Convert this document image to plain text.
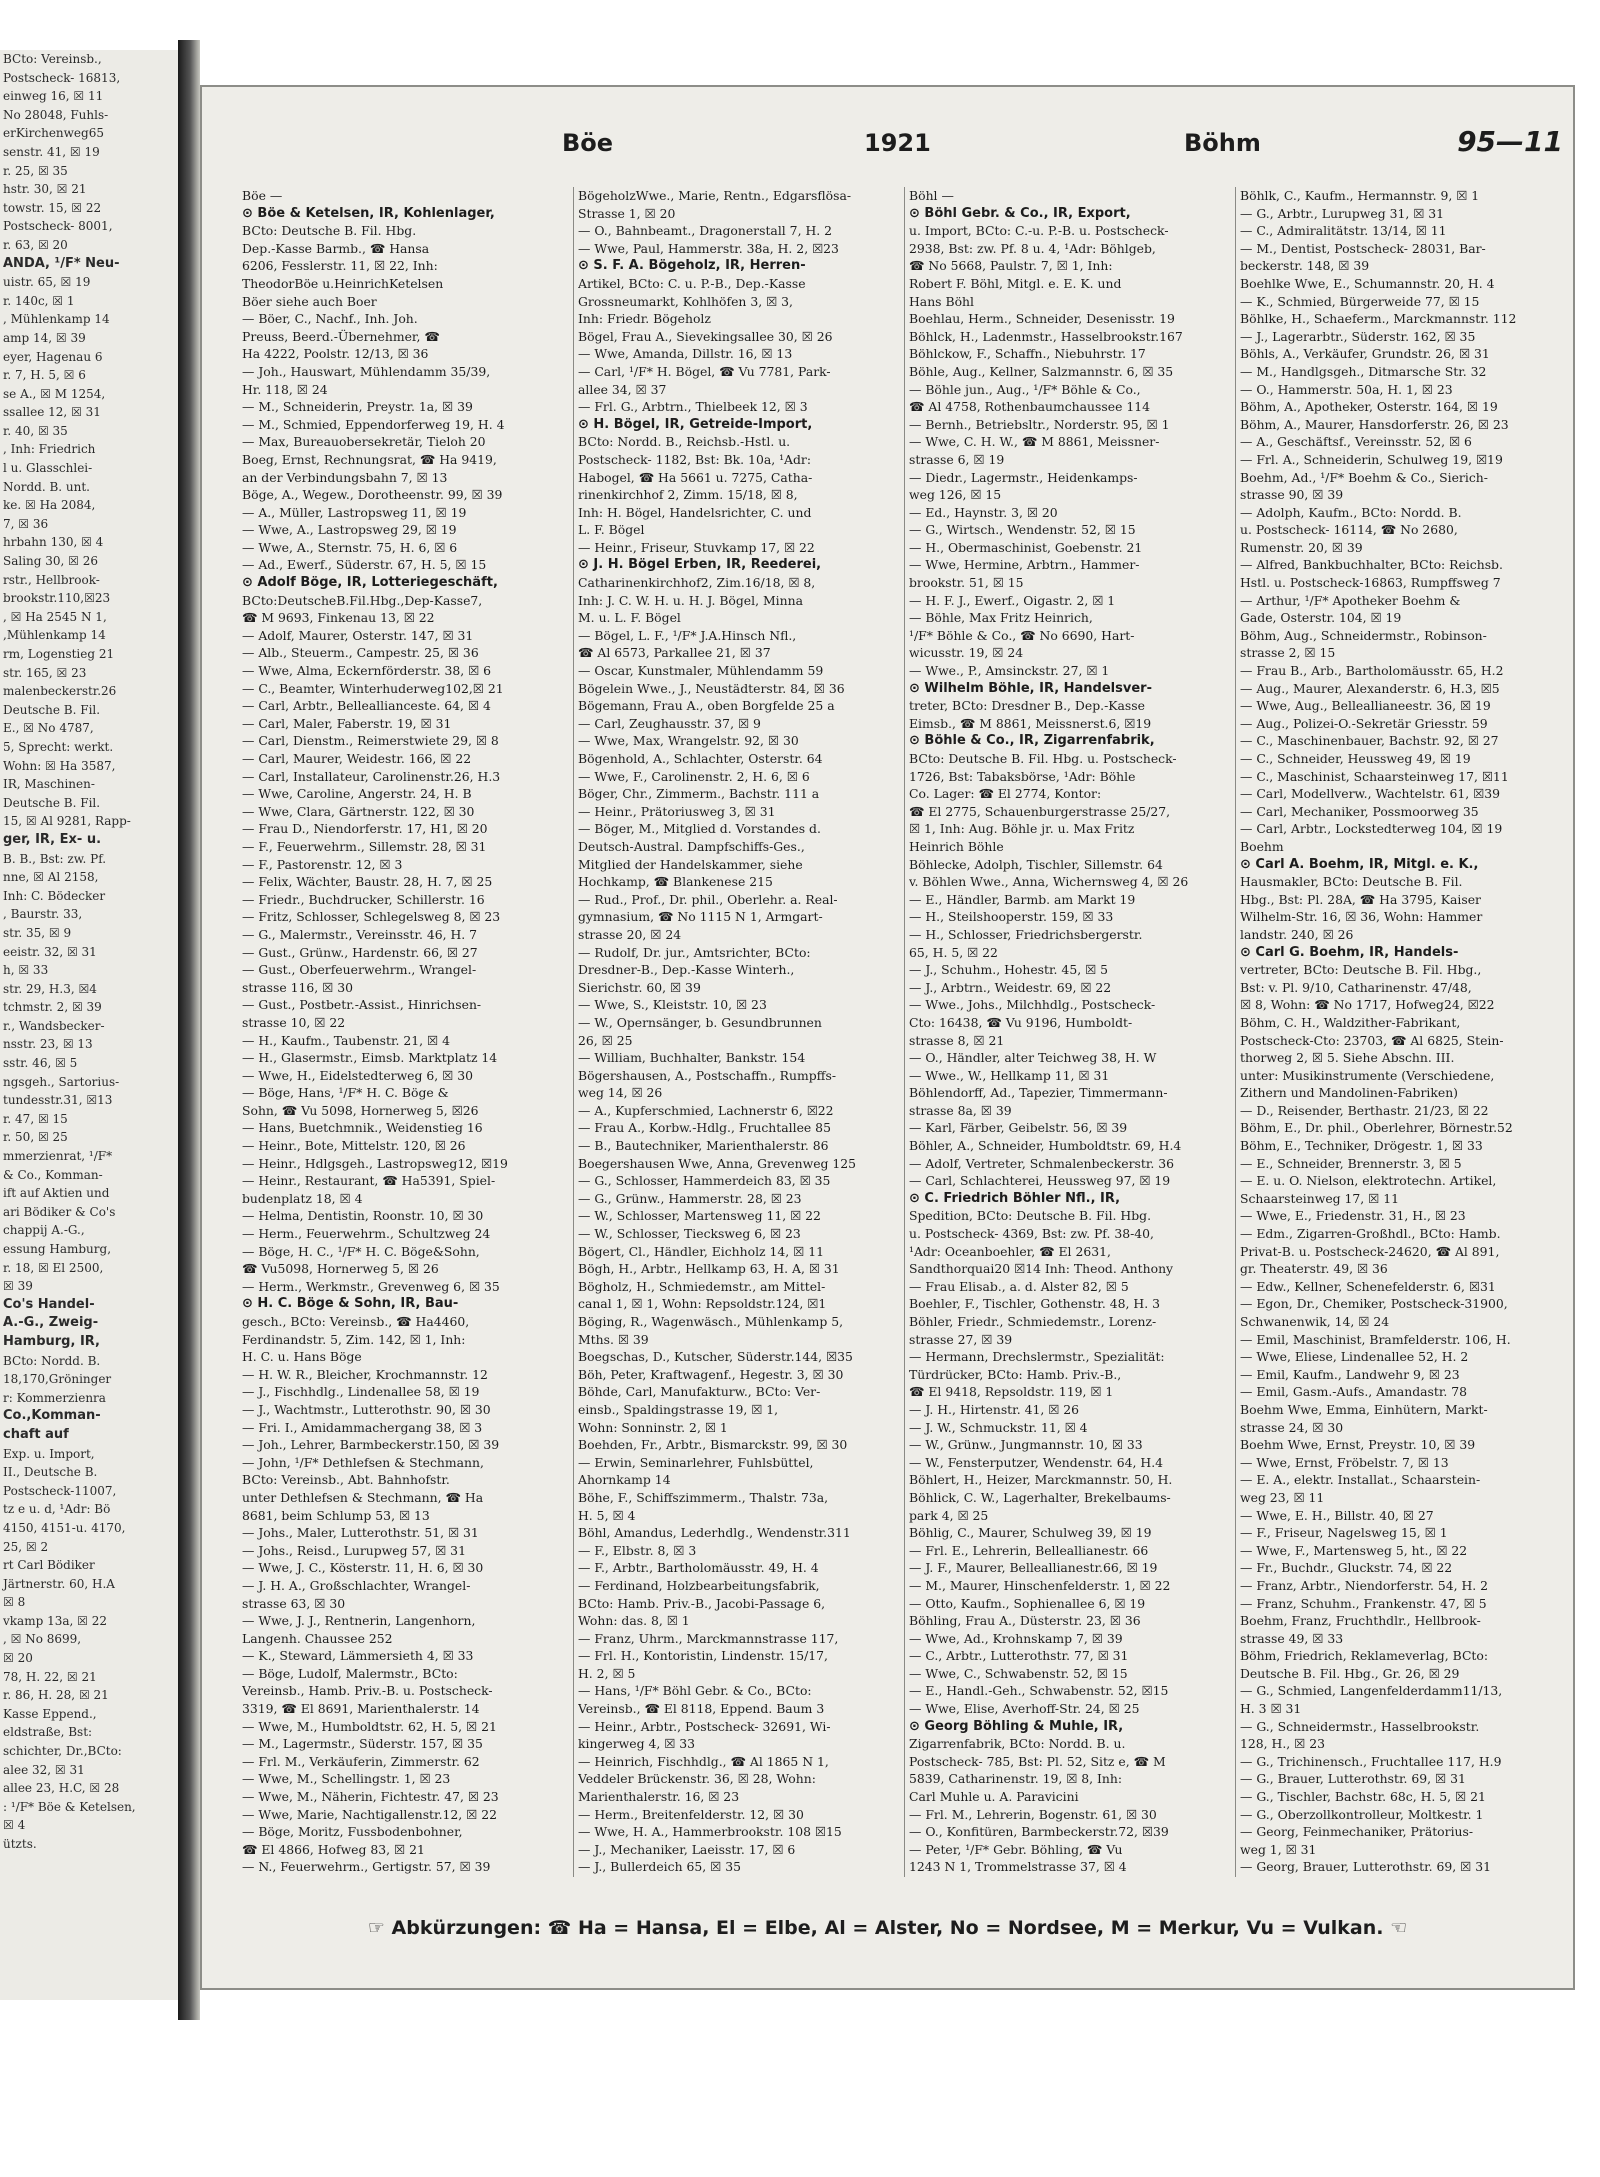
BCto: Vereinsb.,
Postscheck- 16813,
einweg 16, ☒ 11
No 28048, Fuhls-
erKirchenweg65
senstr. 41, ☒ 19
r. 25, ☒ 35
hstr. 30, ☒ 21
towstr. 15, ☒ 22
Postscheck- 8001,
r. 63, ☒ 20
ANDA, ¹/F* Neu-
uistr. 65, ☒ 19
r. 140c, ☒ 1
, Mühlenkamp 14
amp 14, ☒ 39
eyer, Hagenau 6
r. 7, H. 5, ☒ 6
se A., ☒ M 1254,
ssallee 12, ☒ 31
r. 40, ☒ 35
, Inh: Friedrich
l u. Glasschlei-
Nordd. B. unt.
ke. ☒ Ha 2084,
7, ☒ 36
hrbahn 130, ☒ 4
Saling 30, ☒ 26
rstr., Hellbrook-
brookstr.110,☒23
, ☒ Ha 2545 N 1,
,Mühlenkamp 14
rm, Logenstieg 21
str. 165, ☒ 23
malenbeckerstr.26
Deutsche B. Fil.
E., ☒ No 4787,
5, Sprecht: werkt.
Wohn: ☒ Ha 3587,
IR, Maschinen-
Deutsche B. Fil.
15, ☒ Al 9281, Rapp-
ger, IR, Ex- u.
B. B., Bst: zw. Pf.
nne, ☒ Al 2158,
Inh: C. Bödecker
, Baurstr. 33,
str. 35, ☒ 9
eeistr. 32, ☒ 31
h, ☒ 33
str. 29, H.3, ☒4
tchmstr. 2, ☒ 39
r., Wandsbecker-
nsstr. 23, ☒ 13
sstr. 46, ☒ 5
ngsgeh., Sartorius-
tundesstr.31, ☒13
r. 47, ☒ 15
r. 50, ☒ 25
mmerzienrat, ¹/F*
& Co., Komman-
ift auf Aktien und
ari Bödiker & Co's
chappij A.-G.,
essung Hamburg,
r. 18, ☒ El 2500,
☒ 39
Co's Handel-
A.-G., Zweig-
Hamburg, IR,
BCto: Nordd. B.
18,170,Gröninger
r: Kommerzienra
Co.,Komman-
chaft auf
Exp. u. Import,
II., Deutsche B.
Postscheck-11007,
tz e u. d, ¹Adr: Bö
4150, 4151-u. 4170,
25, ☒ 2
rt Carl Bödiker
Järtnerstr. 60, H.A
☒ 8
vkamp 13a, ☒ 22
, ☒ No 8699,
☒ 20
78, H. 22, ☒ 21
r. 86, H. 28, ☒ 21
Kasse Eppend.,
eldstraße, Bst:
schichter, Dr.,BCto:
alee 32, ☒ 31
allee 23, H.C, ☒ 28
: ¹/F* Böe & Ketelsen,
☒ 4
ützts.
Böe	1921	Böhm	95—11
Böe —
⊙ Böe & Ketelsen, IR, Kohlenlager,
BCto: Deutsche B. Fil. Hbg.
Dep.-Kasse Barmb., ☎ Hansa
6206, Fesslerstr. 11, ☒ 22, Inh:
TheodorBöe u.HeinrichKetelsen
Böer siehe auch Boer
— Böer, C., Nachf., Inh. Joh.
Preuss, Beerd.-Übernehmer, ☎
Ha 4222, Poolstr. 12/13, ☒ 36
— Joh., Hauswart, Mühlendamm 35/39,
Hr. 118, ☒ 24
— M., Schneiderin, Preystr. 1a, ☒ 39
— M., Schmied, Eppendorferweg 19, H. 4
— Max, Bureauobersekretär, Tieloh 20
Boeg, Ernst, Rechnungsrat, ☎ Ha 9419,
an der Verbindungsbahn 7, ☒ 13
Böge, A., Wegew., Dorotheenstr. 99, ☒ 39
— A., Müller, Lastropsweg 11, ☒ 19
— Wwe, A., Lastropsweg 29, ☒ 19
— Wwe, A., Sternstr. 75, H. 6, ☒ 6
— Ad., Ewerf., Süderstr. 67, H. 5, ☒ 15
⊙ Adolf Böge, IR, Lotteriegeschäft,
BCto:DeutscheB.Fil.Hbg.,Dep-Kasse7,
☎ M 9693, Finkenau 13, ☒ 22
— Adolf, Maurer, Osterstr. 147, ☒ 31
— Alb., Steuerm., Campestr. 25, ☒ 36
— Wwe, Alma, Eckernförderstr. 38, ☒ 6
— C., Beamter, Winterhuderweg102,☒ 21
— Carl, Arbtr., Belleallianceste. 64, ☒ 4
— Carl, Maler, Faberstr. 19, ☒ 31
— Carl, Dienstm., Reimerstwiete 29, ☒ 8
— Carl, Maurer, Weidestr. 166, ☒ 22
— Carl, Installateur, Carolinenstr.26, H.3
— Wwe, Caroline, Angerstr. 24, H. B
— Wwe, Clara, Gärtnerstr. 122, ☒ 30
— Frau D., Niendorferstr. 17, H1, ☒ 20
— F., Feuerwehrm., Sillemstr. 28, ☒ 31
— F., Pastorenstr. 12, ☒ 3
— Felix, Wächter, Baustr. 28, H. 7, ☒ 25
— Friedr., Buchdrucker, Schillerstr. 16
— Fritz, Schlosser, Schlegelsweg 8, ☒ 23
— G., Malermstr., Vereinsstr. 46, H. 7
— Gust., Grünw., Hardenstr. 66, ☒ 27
— Gust., Oberfeuerwehrm., Wrangel-
strasse 116, ☒ 30
— Gust., Postbetr.-Assist., Hinrichsen-
strasse 10, ☒ 22
— H., Kaufm., Taubenstr. 21, ☒ 4
— H., Glasermstr., Eimsb. Marktplatz 14
— Wwe, H., Eidelstedterweg 6, ☒ 30
— Böge, Hans, ¹/F* H. C. Böge &
Sohn, ☎ Vu 5098, Hornerweg 5, ☒26
— Hans, Buetchmnik., Weidenstieg 16
— Heinr., Bote, Mittelstr. 120, ☒ 26
— Heinr., Hdlgsgeh., Lastropsweg12, ☒19
— Heinr., Restaurant, ☎ Ha5391, Spiel-
budenplatz 18, ☒ 4
— Helma, Dentistin, Roonstr. 10, ☒ 30
— Herm., Feuerwehrm., Schultzweg 24
— Böge, H. C., ¹/F* H. C. Böge&Sohn,
☎ Vu5098, Hornerweg 5, ☒ 26
— Herm., Werkmstr., Grevenweg 6, ☒ 35
⊙ H. C. Böge & Sohn, IR, Bau-
gesch., BCto: Vereinsb., ☎ Ha4460,
Ferdinandstr. 5, Zim. 142, ☒ 1, Inh:
H. C. u. Hans Böge
— H. W. R., Bleicher, Krochmannstr. 12
— J., Fischhdlg., Lindenallee 58, ☒ 19
— J., Wachtmstr., Lutterothstr. 90, ☒ 30
— Fri. I., Amidammachergang 38, ☒ 3
— Joh., Lehrer, Barmbeckerstr.150, ☒ 39
— John, ¹/F* Dethlefsen & Stechmann,
BCto: Vereinsb., Abt. Bahnhofstr.
unter Dethlefsen & Stechmann, ☎ Ha
8681, beim Schlump 53, ☒ 13
— Johs., Maler, Lutterothstr. 51, ☒ 31
— Johs., Reisd., Lurupweg 57, ☒ 31
— Wwe, J. C., Kösterstr. 11, H. 6, ☒ 30
— J. H. A., Großschlachter, Wrangel-
strasse 63, ☒ 30
— Wwe, J. J., Rentnerin, Langenhorn,
Langenh. Chaussee 252
— K., Steward, Lämmersieth 4, ☒ 33
— Böge, Ludolf, Malermstr., BCto:
Vereinsb., Hamb. Priv.-B. u. Postscheck-
3319, ☎ El 8691, Marienthalerstr. 14
— Wwe, M., Humboldtstr. 62, H. 5, ☒ 21
— M., Lagermstr., Süderstr. 157, ☒ 35
— Frl. M., Verkäuferin, Zimmerstr. 62
— Wwe, M., Schellingstr. 1, ☒ 23
— Wwe, M., Näherin, Fichtestr. 47, ☒ 23
— Wwe, Marie, Nachtigallenstr.12, ☒ 22
— Böge, Moritz, Fussbodenbohner,
☎ El 4866, Hofweg 83, ☒ 21
— N., Feuerwehrm., Gertigstr. 57, ☒ 39
BögeholzWwe., Marie, Rentn., Edgarsflösa-
Strasse 1, ☒ 20
— O., Bahnbeamt., Dragonerstall 7, H. 2
— Wwe, Paul, Hammerstr. 38a, H. 2, ☒23
⊙ S. F. A. Bögeholz, IR, Herren-
Artikel, BCto: C. u. P.-B., Dep.-Kasse
Grossneumarkt, Kohlhöfen 3, ☒ 3,
Inh: Friedr. Bögeholz
Bögel, Frau A., Sievekingsallee 30, ☒ 26
— Wwe, Amanda, Dillstr. 16, ☒ 13
— Carl, ¹/F* H. Bögel, ☎ Vu 7781, Park-
allee 34, ☒ 37
— Frl. G., Arbtrn., Thielbeek 12, ☒ 3
⊙ H. Bögel, IR, Getreide-Import,
BCto: Nordd. B., Reichsb.-Hstl. u.
Postscheck- 1182, Bst: Bk. 10a, ¹Adr:
Habogel, ☎ Ha 5661 u. 7275, Catha-
rinenkirchhof 2, Zimm. 15/18, ☒ 8,
Inh: H. Bögel, Handelsrichter, C. und
L. F. Bögel
— Heinr., Friseur, Stuvkamp 17, ☒ 22
⊙ J. H. Bögel Erben, IR, Reederei,
Catharinenkirchhof2, Zim.16/18, ☒ 8,
Inh: J. C. W. H. u. H. J. Bögel, Minna
M. u. L. F. Bögel
— Bögel, L. F., ¹/F* J.A.Hinsch Nfl.,
☎ Al 6573, Parkallee 21, ☒ 37
— Oscar, Kunstmaler, Mühlendamm 59
Bögelein Wwe., J., Neustädterstr. 84, ☒ 36
Bögemann, Frau A., oben Borgfelde 25 a
— Carl, Zeughausstr. 37, ☒ 9
— Wwe, Max, Wrangelstr. 92, ☒ 30
Bögenhold, A., Schlachter, Osterstr. 64
— Wwe, F., Carolinenstr. 2, H. 6, ☒ 6
Böger, Chr., Zimmerm., Bachstr. 111 a
— Heinr., Prätoriusweg 3, ☒ 31
— Böger, M., Mitglied d. Vorstandes d.
Deutsch-Austral. Dampfschiffs-Ges.,
Mitglied der Handelskammer, siehe
Hochkamp, ☎ Blankenese 215
— Rud., Prof., Dr. phil., Oberlehr. a. Real-
gymnasium, ☎ No 1115 N 1, Armgart-
strasse 20, ☒ 24
— Rudolf, Dr. jur., Amtsrichter, BCto:
Dresdner-B., Dep.-Kasse Winterh.,
Sierichstr. 60, ☒ 39
— Wwe, S., Kleiststr. 10, ☒ 23
— W., Opernsänger, b. Gesundbrunnen
26, ☒ 25
— William, Buchhalter, Bankstr. 154
Bögershausen, A., Postschaffn., Rumpffs-
weg 14, ☒ 26
— A., Kupferschmied, Lachnerstr 6, ☒22
— Frau A., Korbw.-Hdlg., Fruchtallee 85
— B., Bautechniker, Marienthalerstr. 86
Boegershausen Wwe, Anna, Grevenweg 125
— G., Schlosser, Hammerdeich 83, ☒ 35
— G., Grünw., Hammerstr. 28, ☒ 23
— W., Schlosser, Martensweg 11, ☒ 22
— W., Schlosser, Tiecksweg 6, ☒ 23
Bögert, Cl., Händler, Eichholz 14, ☒ 11
Bögh, H., Arbtr., Hellkamp 63, H. A, ☒ 31
Bögholz, H., Schmiedemstr., am Mittel-
canal 1, ☒ 1, Wohn: Repsoldstr.124, ☒1
Böging, R., Wagenwäsch., Mühlenkamp 5,
Mths. ☒ 39
Boegschas, D., Kutscher, Süderstr.144, ☒35
Böh, Peter, Kraftwagenf., Hegestr. 3, ☒ 30
Böhde, Carl, Manufakturw., BCto: Ver-
einsb., Spaldingstrasse 19, ☒ 1,
Wohn: Sonninstr. 2, ☒ 1
Boehden, Fr., Arbtr., Bismarckstr. 99, ☒ 30
— Erwin, Seminarlehrer, Fuhlsbüttel,
Ahornkamp 14
Böhe, F., Schiffszimmerm., Thalstr. 73a,
H. 5, ☒ 4
Böhl, Amandus, Lederhdlg., Wendenstr.311
— F., Elbstr. 8, ☒ 3
— F., Arbtr., Bartholomäusstr. 49, H. 4
— Ferdinand, Holzbearbeitungsfabrik,
BCto: Hamb. Priv.-B., Jacobi-Passage 6,
Wohn: das. 8, ☒ 1
— Franz, Uhrm., Marckmannstrasse 117,
— Frl. H., Kontoristin, Lindenstr. 15/17,
H. 2, ☒ 5
— Hans, ¹/F* Böhl Gebr. & Co., BCto:
Vereinsb., ☎ El 8118, Eppend. Baum 3
— Heinr., Arbtr., Postscheck- 32691, Wi-
kingerweg 4, ☒ 33
— Heinrich, Fischhdlg., ☎ Al 1865 N 1,
Veddeler Brückenstr. 36, ☒ 28, Wohn:
Marienthalerstr. 16, ☒ 23
— Herm., Breitenfelderstr. 12, ☒ 30
— Wwe, H. A., Hammerbrookstr. 108 ☒15
— J., Mechaniker, Laeisstr. 17, ☒ 6
— J., Bullerdeich 65, ☒ 35
Böhl —
⊙ Böhl Gebr. & Co., IR, Export,
u. Import, BCto: C.-u. P.-B. u. Postscheck-
2938, Bst: zw. Pf. 8 u. 4, ¹Adr: Böhlgeb,
☎ No 5668, Paulstr. 7, ☒ 1, Inh:
Robert F. Böhl, Mitgl. e. E. K. und
Hans Böhl
Boehlau, Herm., Schneider, Desenisstr. 19
Böhlck, H., Ladenmstr., Hasselbrookstr.167
Böhlckow, F., Schaffn., Niebuhrstr. 17
Böhle, Aug., Kellner, Salzmannstr. 6, ☒ 35
— Böhle jun., Aug., ¹/F* Böhle & Co.,
☎ Al 4758, Rothenbaumchaussee 114
— Bernh., Betriebsltr., Norderstr. 95, ☒ 1
— Wwe, C. H. W., ☎ M 8861, Meissner-
strasse 6, ☒ 19
— Diedr., Lagermstr., Heidenkamps-
weg 126, ☒ 15
— Ed., Haynstr. 3, ☒ 20
— G., Wirtsch., Wendenstr. 52, ☒ 15
— H., Obermaschinist, Goebenstr. 21
— Wwe, Hermine, Arbtrn., Hammer-
brookstr. 51, ☒ 15
— H. F. J., Ewerf., Oigastr. 2, ☒ 1
— Böhle, Max Fritz Heinrich,
¹/F* Böhle & Co., ☎ No 6690, Hart-
wicusstr. 19, ☒ 24
— Wwe., P., Amsinckstr. 27, ☒ 1
⊙ Wilhelm Böhle, IR, Handelsver-
treter, BCto: Dresdner B., Dep.-Kasse
Eimsb., ☎ M 8861, Meissnerst.6, ☒19
⊙ Böhle & Co., IR, Zigarrenfabrik,
BCto: Deutsche B. Fil. Hbg. u. Postscheck-
1726, Bst: Tabaksbörse, ¹Adr: Böhle
Co. Lager: ☎ El 2774, Kontor:
☎ El 2775, Schauenburgerstrasse 25/27,
☒ 1, Inh: Aug. Böhle jr. u. Max Fritz
Heinrich Böhle
Böhlecke, Adolph, Tischler, Sillemstr. 64
v. Böhlen Wwe., Anna, Wichernsweg 4, ☒ 26
— E., Händler, Barmb. am Markt 19
— H., Steilshooperstr. 159, ☒ 33
— H., Schlosser, Friedrichsbergerstr.
65, H. 5, ☒ 22
— J., Schuhm., Hohestr. 45, ☒ 5
— J., Arbtrn., Weidestr. 69, ☒ 22
— Wwe., Johs., Milchhdlg., Postscheck-
Cto: 16438, ☎ Vu 9196, Humboldt-
strasse 8, ☒ 21
— O., Händler, alter Teichweg 38, H. W
— Wwe., W., Hellkamp 11, ☒ 31
Böhlendorff, Ad., Tapezier, Timmermann-
strasse 8a, ☒ 39
— Karl, Färber, Geibelstr. 56, ☒ 39
Böhler, A., Schneider, Humboldtstr. 69, H.4
— Adolf, Vertreter, Schmalenbeckerstr. 36
— Carl, Schlachterei, Heussweg 97, ☒ 19
⊙ C. Friedrich Böhler Nfl., IR,
Spedition, BCto: Deutsche B. Fil. Hbg.
u. Postscheck- 4369, Bst: zw. Pf. 38-40,
¹Adr: Oceanboehler, ☎ El 2631,
Sandthorquai20 ☒14 Inh: Theod. Anthony
— Frau Elisab., a. d. Alster 82, ☒ 5
Boehler, F., Tischler, Gothenstr. 48, H. 3
Böhler, Friedr., Schmiedemstr., Lorenz-
strasse 27, ☒ 39
— Hermann, Drechslermstr., Spezialität:
Türdrücker, BCto: Hamb. Priv.-B.,
☎ El 9418, Repsoldstr. 119, ☒ 1
— J. H., Hirtenstr. 41, ☒ 26
— J. W., Schmuckstr. 11, ☒ 4
— W., Grünw., Jungmannstr. 10, ☒ 33
— W., Fensterputzer, Wendenstr. 64, H.4
Böhlert, H., Heizer, Marckmannstr. 50, H.
Böhlick, C. W., Lagerhalter, Brekelbaums-
park 4, ☒ 25
Böhlig, C., Maurer, Schulweg 39, ☒ 19
— Frl. E., Lehrerin, Belleallianestr. 66
— J. F., Maurer, Belleallianestr.66, ☒ 19
— M., Maurer, Hinschenfelderstr. 1, ☒ 22
— Otto, Kaufm., Sophienallee 6, ☒ 19
Böhling, Frau A., Düsterstr. 23, ☒ 36
— Wwe, Ad., Krohnskamp 7, ☒ 39
— C., Arbtr., Lutterothstr. 77, ☒ 31
— Wwe, C., Schwabenstr. 52, ☒ 15
— E., Handl.-Geh., Schwabenstr. 52, ☒15
— Wwe, Elise, Averhoff-Str. 24, ☒ 25
⊙ Georg Böhling & Muhle, IR,
Zigarrenfabrik, BCto: Nordd. B. u.
Postscheck- 785, Bst: Pl. 52, Sitz e, ☎ M
5839, Catharinenstr. 19, ☒ 8, Inh:
Carl Muhle u. A. Paravicini
— Frl. M., Lehrerin, Bogenstr. 61, ☒ 30
— O., Konfitüren, Barmbeckerstr.72, ☒39
— Peter, ¹/F* Gebr. Böhling, ☎ Vu
1243 N 1, Trommelstrasse 37, ☒ 4
Böhlk, C., Kaufm., Hermannstr. 9, ☒ 1
— G., Arbtr., Lurupweg 31, ☒ 31
— C., Admiralitätstr. 13/14, ☒ 11
— M., Dentist, Postscheck- 28031, Bar-
beckerstr. 148, ☒ 39
Boehlke Wwe, E., Schumannstr. 20, H. 4
— K., Schmied, Bürgerweide 77, ☒ 15
Böhlke, H., Schaeferm., Marckmannstr. 112
— J., Lagerarbtr., Süderstr. 162, ☒ 35
Böhls, A., Verkäufer, Grundstr. 26, ☒ 31
— M., Handlgsgeh., Ditmarsche Str. 32
— O., Hammerstr. 50a, H. 1, ☒ 23
Böhm, A., Apotheker, Osterstr. 164, ☒ 19
Böhm, A., Maurer, Hansdorferstr. 26, ☒ 23
— A., Geschäftsf., Vereinsstr. 52, ☒ 6
— Frl. A., Schneiderin, Schulweg 19, ☒19
Boehm, Ad., ¹/F* Boehm & Co., Sierich-
strasse 90, ☒ 39
— Adolph, Kaufm., BCto: Nordd. B.
u. Postscheck- 16114, ☎ No 2680,
Rumenstr. 20, ☒ 39
— Alfred, Bankbuchhalter, BCto: Reichsb.
Hstl. u. Postscheck-16863, Rumpffsweg 7
— Arthur, ¹/F* Apotheker Boehm &
Gade, Osterstr. 104, ☒ 19
Böhm, Aug., Schneidermstr., Robinson-
strasse 2, ☒ 15
— Frau B., Arb., Bartholomäusstr. 65, H.2
— Aug., Maurer, Alexanderstr. 6, H.3, ☒5
— Wwe, Aug., Belleallianeestr. 36, ☒ 19
— Aug., Polizei-O.-Sekretär Griesstr. 59
— C., Maschinenbauer, Bachstr. 92, ☒ 27
— C., Schneider, Heussweg 49, ☒ 19
— C., Maschinist, Schaarsteinweg 17, ☒11
— Carl, Modellverw., Wachtelstr. 61, ☒39
— Carl, Mechaniker, Possmoorweg 35
— Carl, Arbtr., Lockstedterweg 104, ☒ 19
Boehm
⊙ Carl A. Boehm, IR, Mitgl. e. K.,
Hausmakler, BCto: Deutsche B. Fil.
Hbg., Bst: Pl. 28A, ☎ Ha 3795, Kaiser
Wilhelm-Str. 16, ☒ 36, Wohn: Hammer
landstr. 240, ☒ 26
⊙ Carl G. Boehm, IR, Handels-
vertreter, BCto: Deutsche B. Fil. Hbg.,
Bst: v. Pl. 9/10, Catharinenstr. 47/48,
☒ 8, Wohn: ☎ No 1717, Hofweg24, ☒22
Böhm, C. H., Waldzither-Fabrikant,
Postscheck-Cto: 23703, ☎ Al 6825, Stein-
thorweg 2, ☒ 5. Siehe Abschn. III.
unter: Musikinstrumente (Verschiedene,
Zithern und Mandolinen-Fabriken)
— D., Reisender, Berthastr. 21/23, ☒ 22
Böhm, E., Dr. phil., Oberlehrer, Börnestr.52
Böhm, E., Techniker, Drögestr. 1, ☒ 33
— E., Schneider, Brennerstr. 3, ☒ 5
— E. u. O. Nielson, elektrotechn. Artikel,
Schaarsteinweg 17, ☒ 11
— Wwe, E., Friedenstr. 31, H., ☒ 23
— Edm., Zigarren-Großhdl., BCto: Hamb.
Privat-B. u. Postscheck-24620, ☎ Al 891,
gr. Theaterstr. 49, ☒ 36
— Edw., Kellner, Schenefelderstr. 6, ☒31
— Egon, Dr., Chemiker, Postscheck-31900,
Schwanenwik, 14, ☒ 24
— Emil, Maschinist, Bramfelderstr. 106, H.
— Wwe, Eliese, Lindenallee 52, H. 2
— Emil, Kaufm., Landwehr 9, ☒ 23
— Emil, Gasm.-Aufs., Amandastr. 78
Boehm Wwe, Emma, Einhütern, Markt-
strasse 24, ☒ 30
Boehm Wwe, Ernst, Preystr. 10, ☒ 39
— Wwe, Ernst, Fröbelstr. 7, ☒ 13
— E. A., elektr. Installat., Schaarstein-
weg 23, ☒ 11
— Wwe, E. H., Billstr. 40, ☒ 27
— F., Friseur, Nagelsweg 15, ☒ 1
— Wwe, F., Martensweg 5, ht., ☒ 22
— Fr., Buchdr., Gluckstr. 74, ☒ 22
— Franz, Arbtr., Niendorferstr. 54, H. 2
— Franz, Schuhm., Frankenstr. 47, ☒ 5
Boehm, Franz, Fruchthdlr., Hellbrook-
strasse 49, ☒ 33
Böhm, Friedrich, Reklameverlag, BCto:
Deutsche B. Fil. Hbg., Gr. 26, ☒ 29
— G., Schmied, Langenfelderdamm11/13,
H. 3 ☒ 31
— G., Schneidermstr., Hasselbrookstr.
128, H., ☒ 23
— G., Trichinensch., Fruchtallee 117, H.9
— G., Brauer, Lutterothstr. 69, ☒ 31
— G., Tischler, Bachstr. 68c, H. 5, ☒ 21
— G., Oberzollkontrolleur, Moltkestr. 1
— Georg, Feinmechaniker, Prätorius-
weg 1, ☒ 31
— Georg, Brauer, Lutterothstr. 69, ☒ 31
☞ Abkürzungen: ☎ Ha = Hansa, El = Elbe, Al = Alster, No = Nordsee, M = Merkur, Vu = Vulkan. ☜
